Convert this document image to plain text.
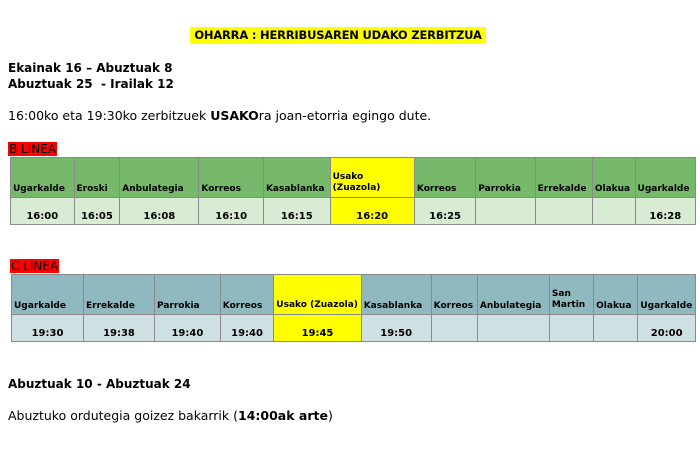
OHARRA : HERRIBUSAREN UDAKO ZERBITZUA
Ekainak 16 – Abuztuak 8
Abuztuak 25  - Irailak 12
16:00ko eta 19:30ko zerbitzuek USAKOra joan-etorria egingo dute.
B LINEA
Ugarkalde	Eroski	Anbulategia	Korreos	Kasablanka	Usako (Zuazola)	Korreos	Parrokia	Errekalde	Olakua	Ugarkalde
16:00	16:05	16:08	16:10	16:15	16:20	16:25				16:28
C LINEA
Ugarkalde	Errekalde	Parrokia	Korreos	Usako (Zuazola)	Kasablanka	Korreos	Anbulategia	San Martin	Olakua	Ugarkalde
19:30	19:38	19:40	19:40	19:45	19:50					20:00
Abuztuak 10 - Abuztuak 24
Abuztuko ordutegia goizez bakarrik (14:00ak arte)
